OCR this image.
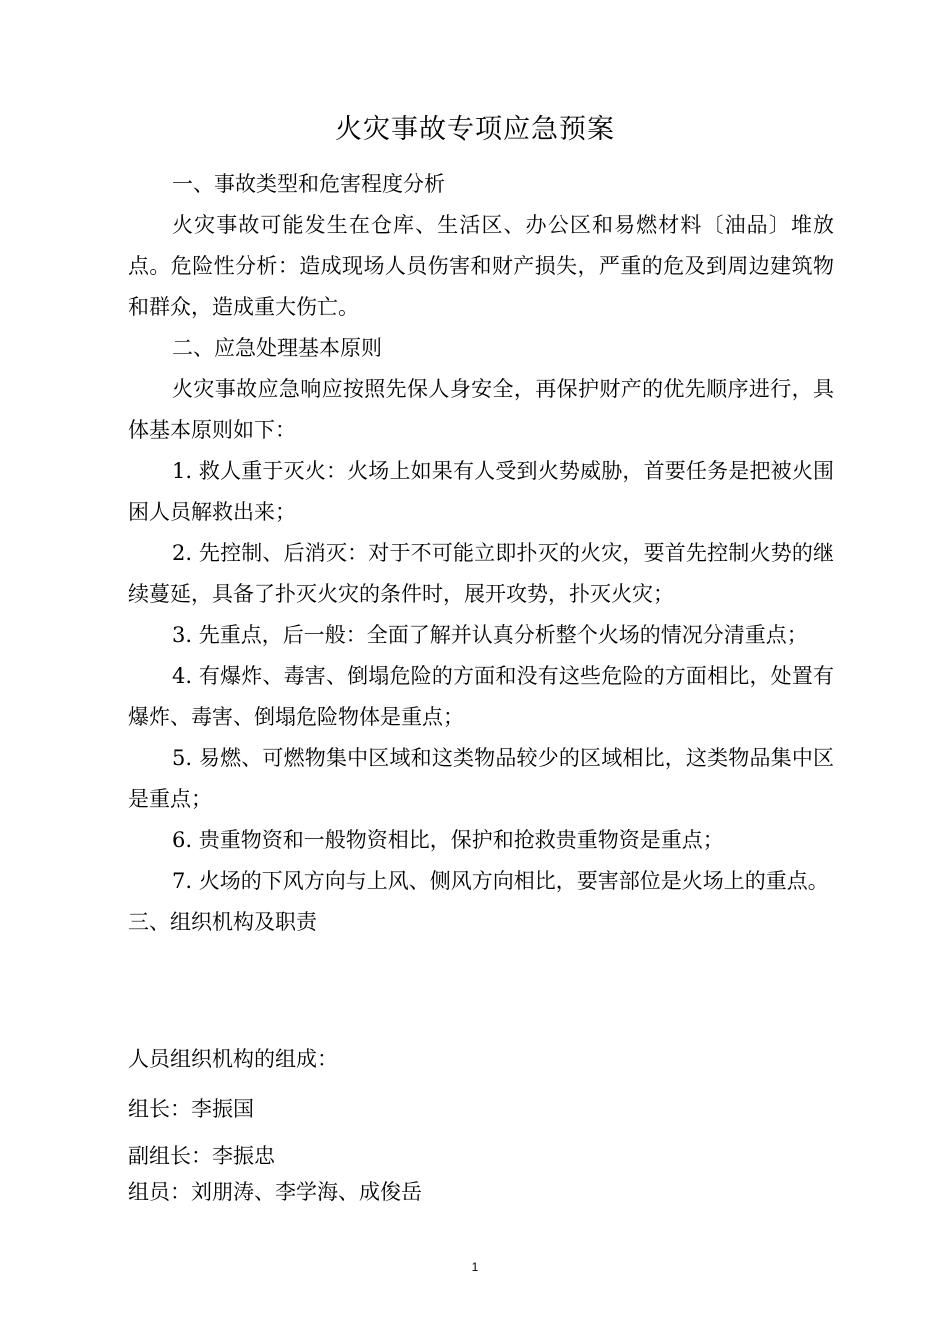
火灾事故专项应急预案

一、事故类型和危害程度分析

火灾事故可能发生在仓库、生活区、办公区和易燃材料〔油品〕堆放点。危险性分析：造成现场人员伤害和财产损失，严重的危及到周边建筑物和群众，造成重大伤亡。

二、应急处理基本原则

火灾事故应急响应按照先保人身安全，再保护财产的优先顺序进行，具体基本原则如下：

1. 救人重于灭火：火场上如果有人受到火势威胁，首要任务是把被火围困人员解救出来；

2. 先控制、后消灭：对于不可能立即扑灭的火灾，要首先控制火势的继续蔓延，具备了扑灭火灾的条件时，展开攻势，扑灭火灾；

3. 先重点，后一般：全面了解并认真分析整个火场的情况分清重点；

4. 有爆炸、毒害、倒塌危险的方面和没有这些危险的方面相比，处置有爆炸、毒害、倒塌危险物体是重点；

5. 易燃、可燃物集中区域和这类物品较少的区域相比，这类物品集中区是重点；

6. 贵重物资和一般物资相比，保护和抢救贵重物资是重点；

7. 火场的下风方向与上风、侧风方向相比，要害部位是火场上的重点。

三、组织机构及职责

人员组织机构的组成：

组长：李振国

副组长：李振忠

组员：刘朋涛、李学海、成俊岳

1
